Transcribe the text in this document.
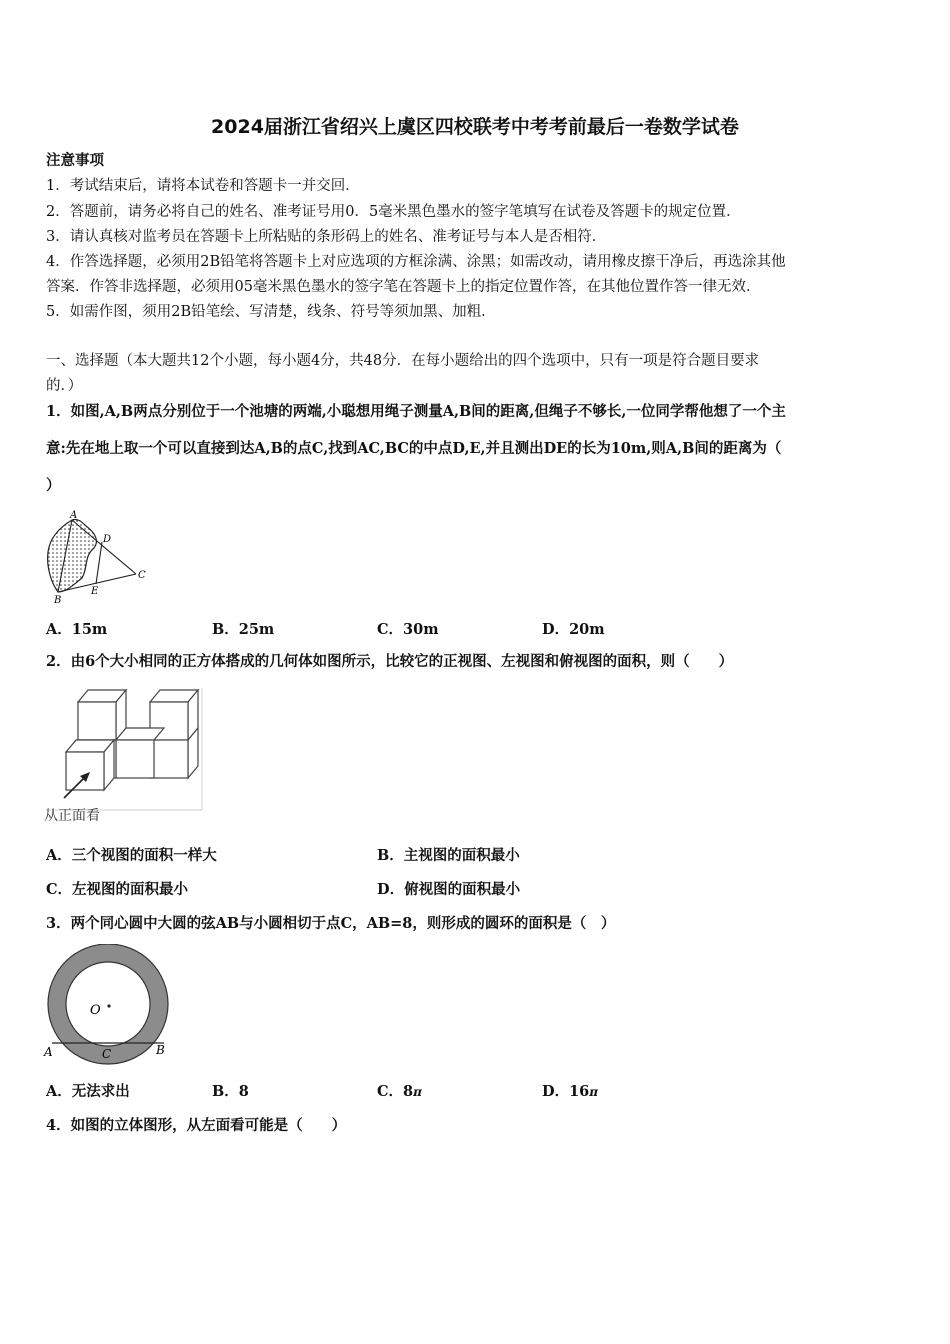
2024届浙江省绍兴上虞区四校联考中考考前最后一卷数学试卷
注意事项
1．考试结束后，请将本试卷和答题卡一并交回．
2．答题前，请务必将自己的姓名、准考证号用0．5毫米黑色墨水的签字笔填写在试卷及答题卡的规定位置．
3．请认真核对监考员在答题卡上所粘贴的条形码上的姓名、准考证号与本人是否相符．
4．作答选择题，必须用2B铅笔将答题卡上对应选项的方框涂满、涂黑；如需改动，请用橡皮擦干净后，再选涂其他
答案．作答非选择题，必须用05毫米黑色墨水的签字笔在答题卡上的指定位置作答，在其他位置作答一律无效．
5．如需作图，须用2B铅笔绘、写清楚，线条、符号等须加黑、加粗．
一、选择题（本大题共12个小题，每小题4分，共48分．在每小题给出的四个选项中，只有一项是符合题目要求
的．）
1．如图,A,B两点分别位于一个池塘的两端,小聪想用绳子测量A,B间的距离,但绳子不够长,一位同学帮他想了一个主
意:先在地上取一个可以直接到达A,B的点C,找到AC,BC的中点D,E,并且测出DE的长为10m,则A,B间的距离为（
）
A
B
C
D
E
A．15m	B．25m	C．30m	D．20m
2．由6个大小相同的正方体搭成的几何体如图所示，比较它的正视图、左视图和俯视图的面积，则（　　）
从正面看
A．三个视图的面积一样大	B．主视图的面积最小
C．左视图的面积最小	D．俯视图的面积最小
3．两个同心圆中大圆的弦AB与小圆相切于点C，AB=8，则形成的圆环的面积是（　）
O
A	B
C
A．无法求出	B．8	C．8π	D．16π
4．如图的立体图形，从左面看可能是（　　）
